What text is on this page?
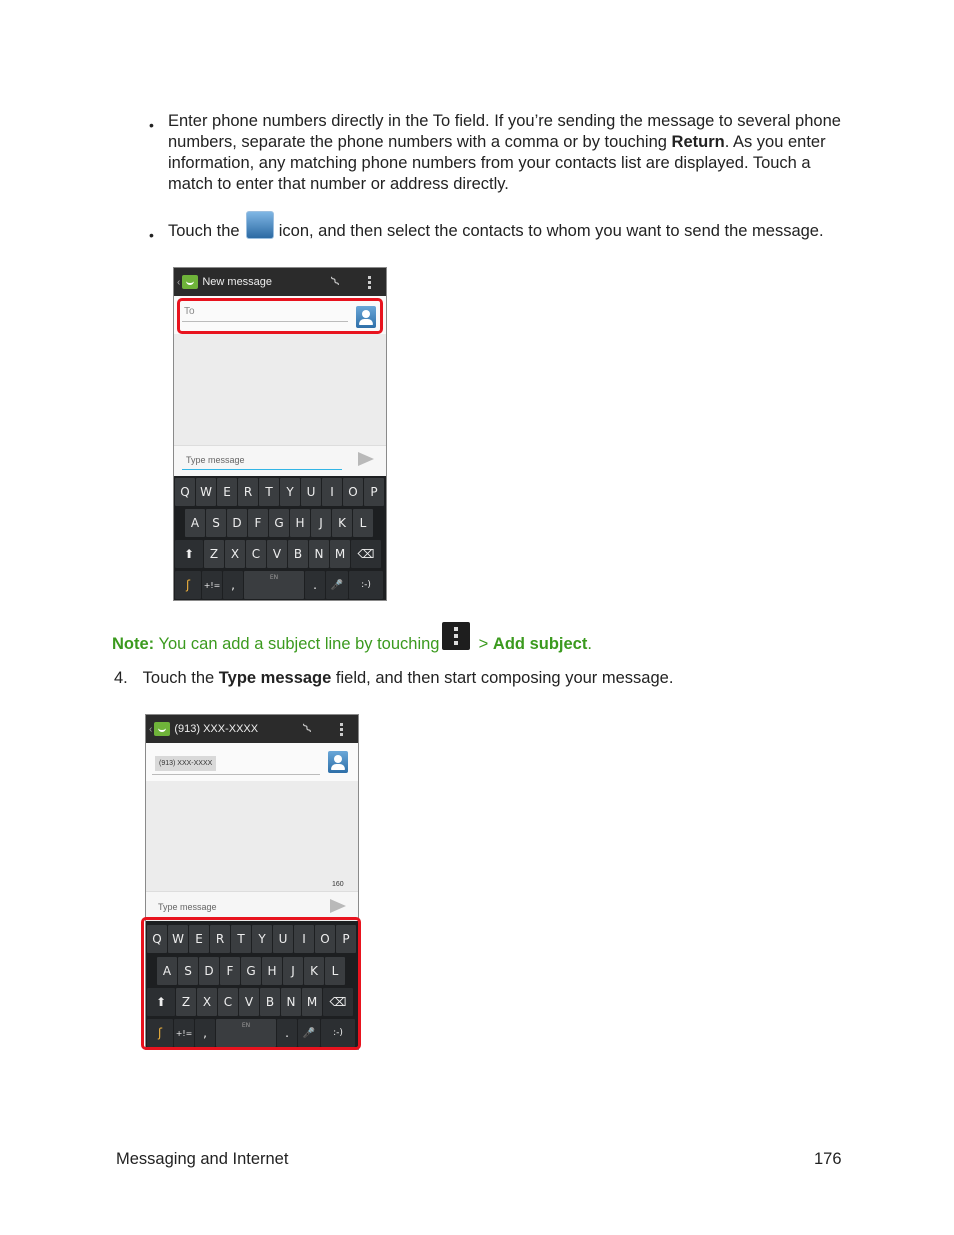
• Enter phone numbers directly in the To field. If you’re sending the message to several phone
numbers, separate the phone numbers with a comma or by touching Return. As you enter
information, any matching phone numbers from your contacts list are displayed. Touch a
match to enter that number or address directly.
• Touch the icon, and then select the contacts to whom you want to send the message.
‹ New message	⌇
To
Type message
Q W E	R	T	Y	U	I	O	P
A	S	D	F	G H	J	K	L
⬆	Z	X	C	V	B	N M	⌫
ʃ	+!= ,
EN
.	🎤	:-)
Note: You can add a subject line by touching > Add subject.
4. Touch the Type message field, and then start composing your message.
‹ (913) XXX-XXXX	⌇
(913) XXX-XXXX
160
Type message
Q W E	R	T	Y	U	I	O	P
A	S	D	F	G H	J	K	L
⬆	Z	X	C	V	B	N M	⌫
ʃ	+!= ,
EN
.	🎤	:-)
Messaging and Internet	176
